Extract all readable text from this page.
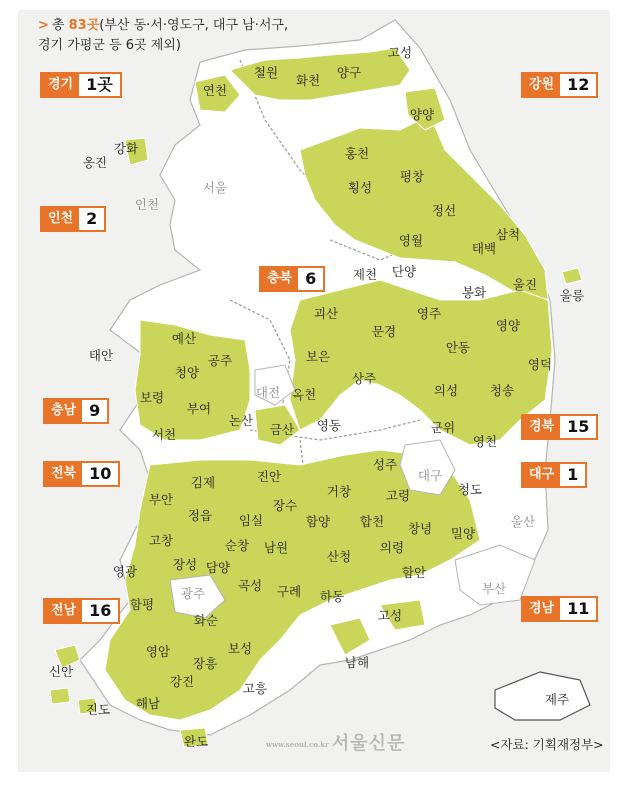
> 총 83곳(부산 동·서·영도구, 대구 남·서구,
경기 가평군 등 6곳 제외)
경기 1곳
인천 2
강원 12
충북 6
충남 9
전북 10
경북 15
대구 1
전남 16	경남 11
고성
철원
화천
양구
연천
양양
강화
옹진
홍천
횡성
평창
정선
삼척
태백
영월
울진
울릉
제천 단양
봉화
영주
괴산
문경
예산
공주
영양
안동
태안
청양
보은
영덕
옥천
상주
의성	청송
보령
부여
논산
서천	금산 영동	군위
영천
성주
진안
김제	청도
거창	고령
부안	장수
정읍 임실	함양 합천 창녕 밀양
고창	순창 남원	의령
산청
장성 담양
영광
곡성 구례
함안
함평
하동
고성
화순
신안
영암	보성
남해
장흥
강진
진도 해남
고흥
완도
제주
서울
인천
대전
대구
울산
광주	부산
www.seoul.co.kr 서울신문	<자료: 기획재정부>
